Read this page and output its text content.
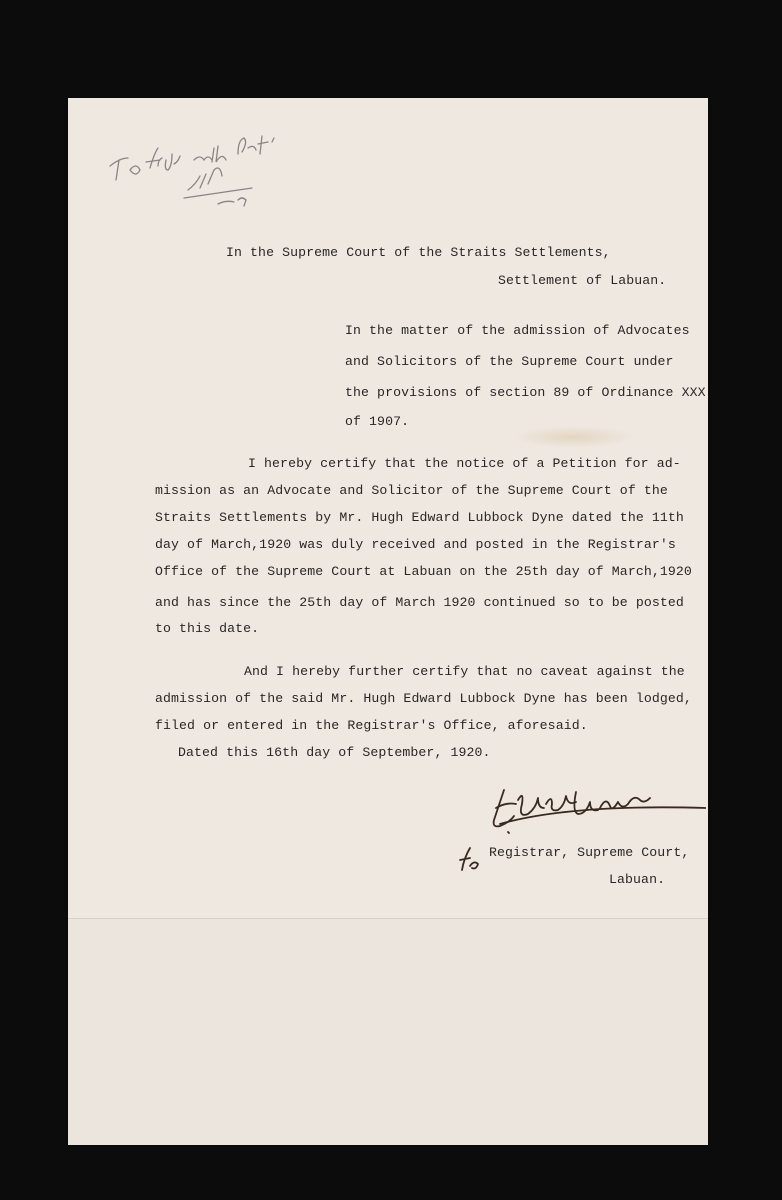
In the Supreme Court of the Straits Settlements,
Settlement of Labuan.
In the matter of the admission of Advocates
and Solicitors of the Supreme Court under
the provisions of section 89 of Ordinance XXX
of 1907.
I hereby certify that the notice of a Petition for ad-
mission as an Advocate and Solicitor of the Supreme Court of the
Straits Settlements by Mr. Hugh Edward Lubbock Dyne dated the 11th
day of March,1920 was duly received and posted in the Registrar's
Office of the Supreme Court at Labuan on the 25th day of March,1920
and has since the 25th day of March 1920 continued so to be posted
to this date.
And I hereby further certify that no caveat against the
admission of the said Mr. Hugh Edward Lubbock Dyne has been lodged,
filed or entered in the Registrar's Office, aforesaid.
Dated this 16th day of September, 1920.
Registrar, Supreme Court,
Labuan.
